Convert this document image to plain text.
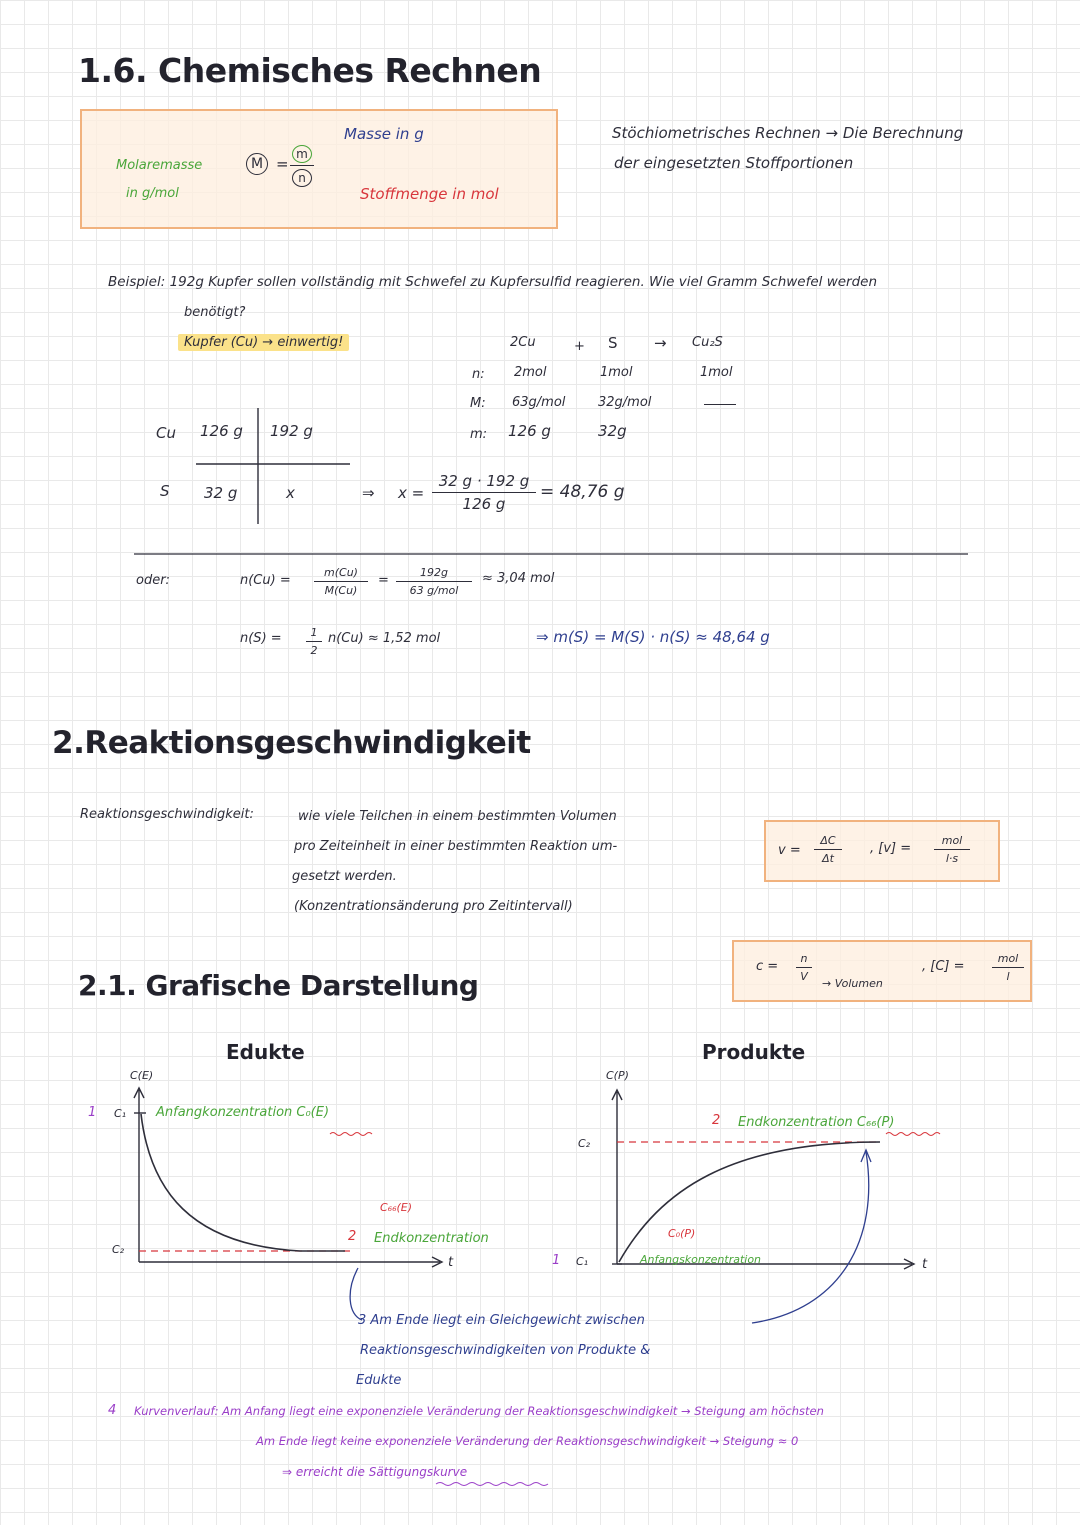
1.6. Chemisches Rechnen
Molaremasse
in g/mol
M =
m
n
Masse in g
Stoffmenge in mol
Stöchiometrisches Rechnen → Die Berechnung
der eingesetzten Stoffportionen
Beispiel: 192g Kupfer sollen vollständig mit Schwefel zu Kupfersulfid reagieren. Wie viel Gramm Schwefel werden
benötigt?
Kupfer (Cu) → einwertig!	2Cu	+ S → Cu₂S
n: 2mol	1mol	1mol
M: 63g/mol	32g/mol
m: 126 g	32g
Cu 126 g 192 g
S 32 g	x	⇒ x =
32 g · 192 g
126 g
= 48,76 g
oder:	n(Cu) =
m(Cu)
M(Cu)
=
192g
63 g/mol
≈ 3,04 mol
n(S) =	1
2
n(Cu) ≈ 1,52 mol	⇒ m(S) = M(S) · n(S) ≈ 48,64 g
2.Reaktionsgeschwindigkeit
Reaktionsgeschwindigkeit:	wie viele Teilchen in einem bestimmten Volumen
pro Zeiteinheit in einer bestimmten Reaktion um-
gesetzt werden.
(Konzentrationsänderung pro Zeitintervall)
v =
ΔC
Δt
, [v] =
mol
l·s
c =
n
V
→ Volumen
, [C] =
mol
l
2.1. Grafische Darstellung
Edukte
C(E)
1 C₁ Anfangkonzentration C₀(E)
C₂
C₆₆(E)
2 Endkonzentration
t
Produkte
C(P)
C₂
2 Endkonzentration C₆₆(P)
1 C₁
C₀(P)
Anfangskonzentration	t
3 Am Ende liegt ein Gleichgewicht zwischen
Reaktionsgeschwindigkeiten von Produkte &
Edukte
4 Kurvenverlauf: Am Anfang liegt eine exponenziele Veränderung der Reaktionsgeschwindigkeit → Steigung am höchsten
Am Ende liegt keine exponenziele Veränderung der Reaktionsgeschwindigkeit → Steigung ≈ 0
⇒ erreicht die Sättigungskurve
